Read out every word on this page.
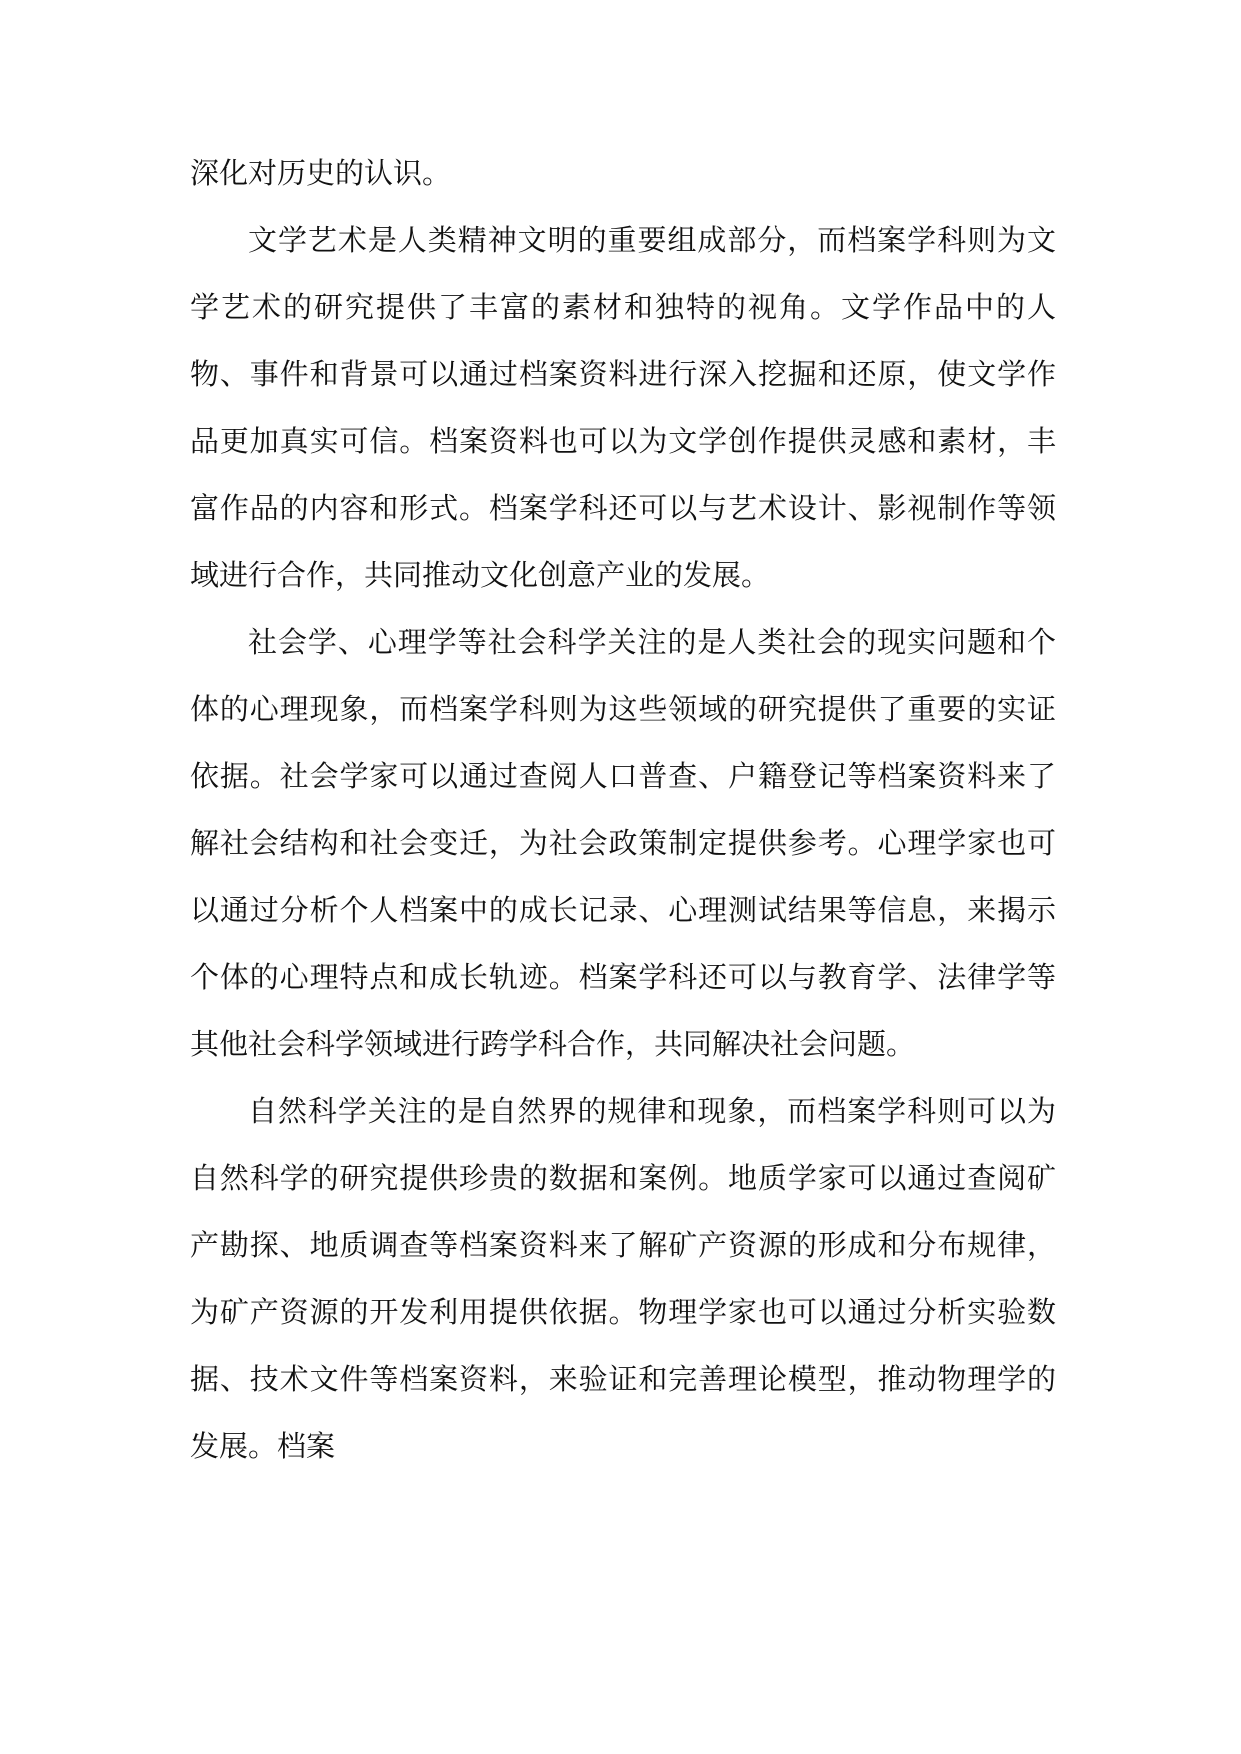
深化对历史的认识。

文学艺术是人类精神文明的重要组成部分，而档案学科则为文学艺术的研究提供了丰富的素材和独特的视角。文学作品中的人物、事件和背景可以通过档案资料进行深入挖掘和还原，使文学作品更加真实可信。档案资料也可以为文学创作提供灵感和素材，丰富作品的内容和形式。档案学科还可以与艺术设计、影视制作等领域进行合作，共同推动文化创意产业的发展。

社会学、心理学等社会科学关注的是人类社会的现实问题和个体的心理现象，而档案学科则为这些领域的研究提供了重要的实证依据。社会学家可以通过查阅人口普查、户籍登记等档案资料来了解社会结构和社会变迁，为社会政策制定提供参考。心理学家也可以通过分析个人档案中的成长记录、心理测试结果等信息，来揭示个体的心理特点和成长轨迹。档案学科还可以与教育学、法律学等其他社会科学领域进行跨学科合作，共同解决社会问题。

自然科学关注的是自然界的规律和现象，而档案学科则可以为自然科学的研究提供珍贵的数据和案例。地质学家可以通过查阅矿产勘探、地质调查等档案资料来了解矿产资源的形成和分布规律，为矿产资源的开发利用提供依据。物理学家也可以通过分析实验数据、技术文件等档案资料，来验证和完善理论模型，推动物理学的发展。档案
